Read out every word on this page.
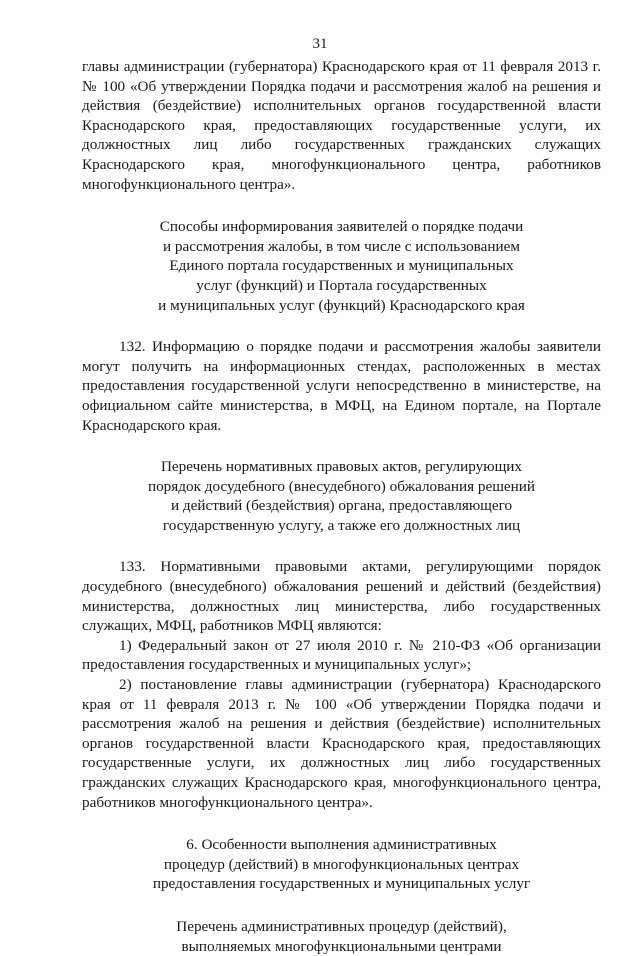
31

главы администрации (губернатора) Краснодарского края от 11 февраля 2013 г. № 100 «Об утверждении Порядка подачи и рассмотрения жалоб на решения и действия (бездействие) исполнительных органов государственной власти Краснодарского края, предоставляющих государственные услуги, их должностных лиц либо государственных гражданских служащих Краснодарского края, многофункционального центра, работников многофункционального центра».

Способы информирования заявителей о порядке подачи
и рассмотрения жалобы, в том числе с использованием
Единого портала государственных и муниципальных
услуг (функций) и Портала государственных
и муниципальных услуг (функций) Краснодарского края

132. Информацию о порядке подачи и рассмотрения жалобы заявители могут получить на информационных стендах, расположенных в местах предоставления государственной услуги непосредственно в министерстве, на официальном сайте министерства, в МФЦ, на Едином портале, на Портале Краснодарского края.

Перечень нормативных правовых актов, регулирующих
порядок досудебного (внесудебного) обжалования решений
и действий (бездействия) органа, предоставляющего
государственную услугу, а также его должностных лиц

133. Нормативными правовыми актами, регулирующими порядок досудебного (внесудебного) обжалования решений и действий (бездействия) министерства, должностных лиц министерства, либо государственных служащих, МФЦ, работников МФЦ являются:

1) Федеральный закон от 27 июля 2010 г. № 210-ФЗ «Об организации предоставления государственных и муниципальных услуг»;

2) постановление главы администрации (губернатора) Краснодарского края от 11 февраля 2013 г. № 100 «Об утверждении Порядка подачи и рассмотрения жалоб на решения и действия (бездействие) исполнительных органов государственной власти Краснодарского края, предоставляющих государственные услуги, их должностных лиц либо государственных гражданских служащих Краснодарского края, многофункционального центра, работников многофункционального центра».

6. Особенности выполнения административных
процедур (действий) в многофункциональных центрах
предоставления государственных и муниципальных услуг
Перечень административных процедур (действий),
выполняемых многофункциональными центрами
